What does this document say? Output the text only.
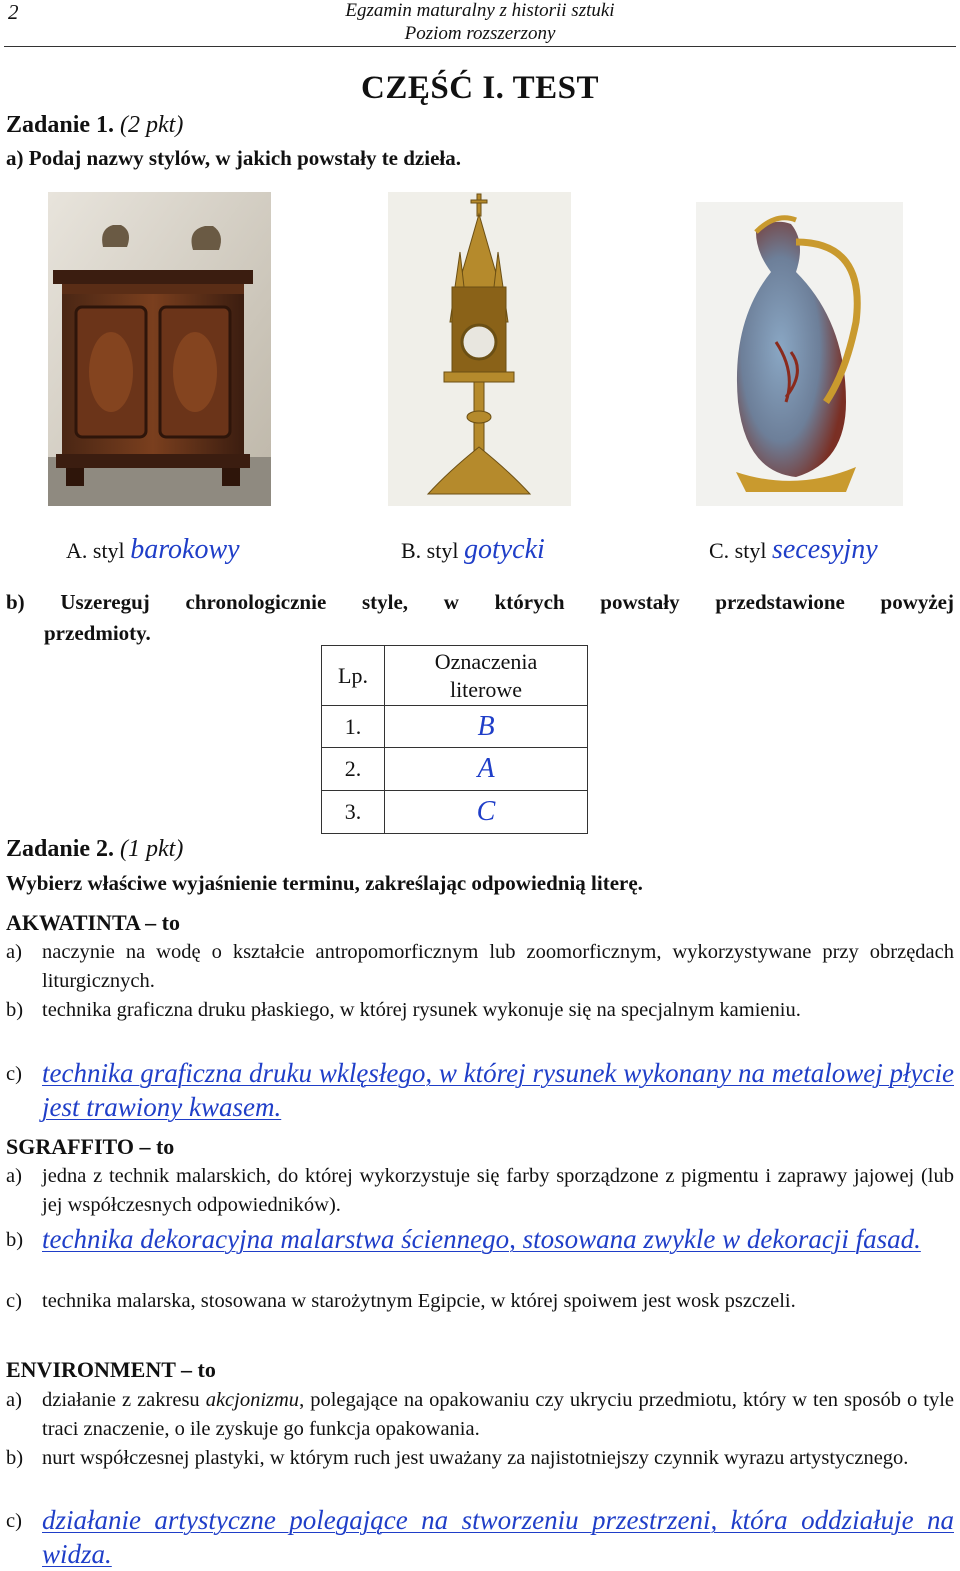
2	Egzamin maturalny z historii sztuki
Poziom rozszerzony
CZĘŚĆ I. TEST
Zadanie 1. (2 pkt)
a) Podaj nazwy stylów, w jakich powstały te dzieła.
A. styl barokowy	B. styl gotycki	C. styl secesyjny
b) Uszereguj chronologicznie style, w których powstały przedstawione powyżej
przedmioty.
Lp.	Oznaczenia
literowe

1.	B
2.	A
3.	C
Zadanie 2. (1 pkt)
Wybierz właściwe wyjaśnienie terminu, zakreślając odpowiednią literę.
AKWATINTA – to
a) naczynie na wodę o kształcie antropomorficznym lub zoomorficznym, wykorzystywane przy obrzędach liturgicznych.
b) technika graficzna druku płaskiego, w której rysunek wykonuje się na specjalnym kamieniu.
c) technika graficzna druku wklęsłego, w której rysunek wykonany na metalowej płycie jest trawiony kwasem.
SGRAFFITO – to
a) jedna z technik malarskich, do której wykorzystuje się farby sporządzone z pigmentu i zaprawy jajowej (lub jej współczesnych odpowiedników).
b) technika dekoracyjna malarstwa ściennego, stosowana zwykle w dekoracji fasad.
c) technika malarska, stosowana w starożytnym Egipcie, w której spoiwem jest wosk pszczeli.
ENVIRONMENT – to
a) działanie z zakresu akcjonizmu, polegające na opakowaniu czy ukryciu przedmiotu, który w ten sposób o tyle traci znaczenie, o ile zyskuje go funkcja opakowania.
b) nurt współczesnej plastyki, w którym ruch jest uważany za najistotniejszy czynnik wyrazu artystycznego.
c) działanie artystyczne polegające na stworzeniu przestrzeni, która oddziałuje na widza.
